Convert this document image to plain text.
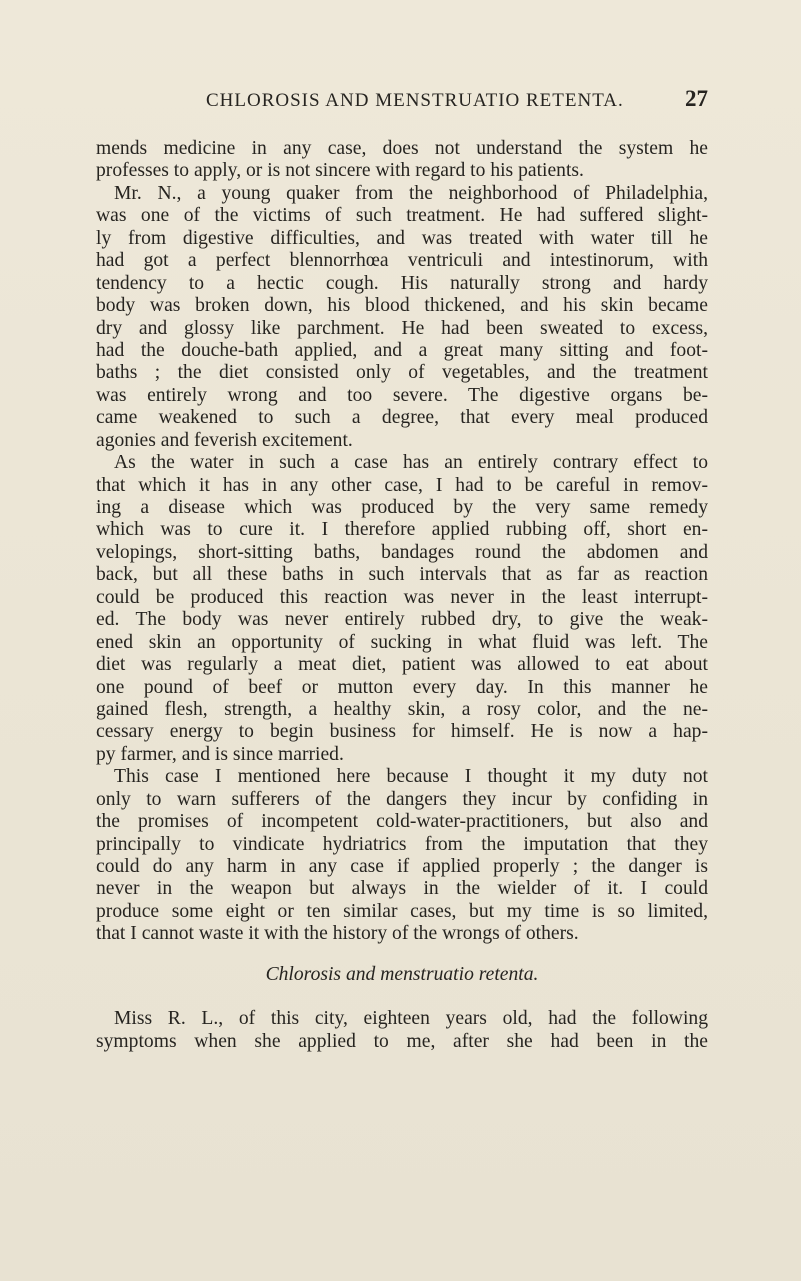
CHLOROSIS AND MENSTRUATIO RETENTA.	27
mends medicine in any case, does not understand the system he
professes to apply, or is not sincere with regard to his patients.
Mr. N., a young quaker from the neighborhood of Philadelphia,
was one of the victims of such treatment. He had suffered slight-
ly from digestive difficulties, and was treated with water till he
had got a perfect blennorrhœa ventriculi and intestinorum, with
tendency to a hectic cough. His naturally strong and hardy
body was broken down, his blood thickened, and his skin became
dry and glossy like parchment. He had been sweated to excess,
had the douche-bath applied, and a great many sitting and foot-
baths ; the diet consisted only of vegetables, and the treatment
was entirely wrong and too severe. The digestive organs be-
came weakened to such a degree, that every meal produced
agonies and feverish excitement.
As the water in such a case has an entirely contrary effect to
that which it has in any other case, I had to be careful in remov-
ing a disease which was produced by the very same remedy
which was to cure it. I therefore applied rubbing off, short en-
velopings, short-sitting baths, bandages round the abdomen and
back, but all these baths in such intervals that as far as reaction
could be produced this reaction was never in the least interrupt-
ed. The body was never entirely rubbed dry, to give the weak-
ened skin an opportunity of sucking in what fluid was left. The
diet was regularly a meat diet, patient was allowed to eat about
one pound of beef or mutton every day. In this manner he
gained flesh, strength, a healthy skin, a rosy color, and the ne-
cessary energy to begin business for himself. He is now a hap-
py farmer, and is since married.
This case I mentioned here because I thought it my duty not
only to warn sufferers of the dangers they incur by confiding in
the promises of incompetent cold-water-practitioners, but also and
principally to vindicate hydriatrics from the imputation that they
could do any harm in any case if applied properly ; the danger is
never in the weapon but always in the wielder of it. I could
produce some eight or ten similar cases, but my time is so limited,
that I cannot waste it with the history of the wrongs of others.
Chlorosis and menstruatio retenta.
Miss R. L., of this city, eighteen years old, had the following
symptoms when she applied to me, after she had been in the
